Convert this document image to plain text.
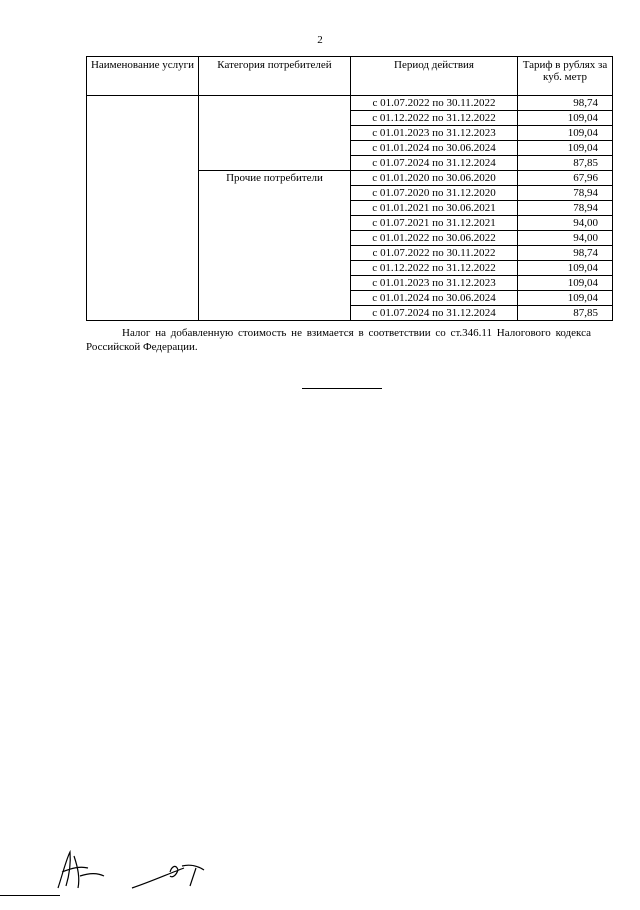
2
Наименование услуги	Категория потребителей	Период действия	Тариф в рублях за куб. метр
		с 01.07.2022 по 30.11.2022	98,74
		с 01.12.2022 по 31.12.2022	109,04
		с 01.01.2023 по 31.12.2023	109,04
		с 01.01.2024 по 30.06.2024	109,04
		с 01.07.2024 по 31.12.2024	87,85
	Прочие потребители	с 01.01.2020 по 30.06.2020	67,96
		с 01.07.2020 по 31.12.2020	78,94
		с 01.01.2021 по 30.06.2021	78,94
		с 01.07.2021 по 31.12.2021	94,00
		с 01.01.2022 по 30.06.2022	94,00
		с 01.07.2022 по 30.11.2022	98,74
		с 01.12.2022 по 31.12.2022	109,04
		с 01.01.2023 по 31.12.2023	109,04
		с 01.01.2024 по 30.06.2024	109,04
		с 01.07.2024 по 31.12.2024	87,85
Налог на добавленную стоимость не взимается в соответствии со ст.346.11 Налогового кодекса Российской Федерации.
